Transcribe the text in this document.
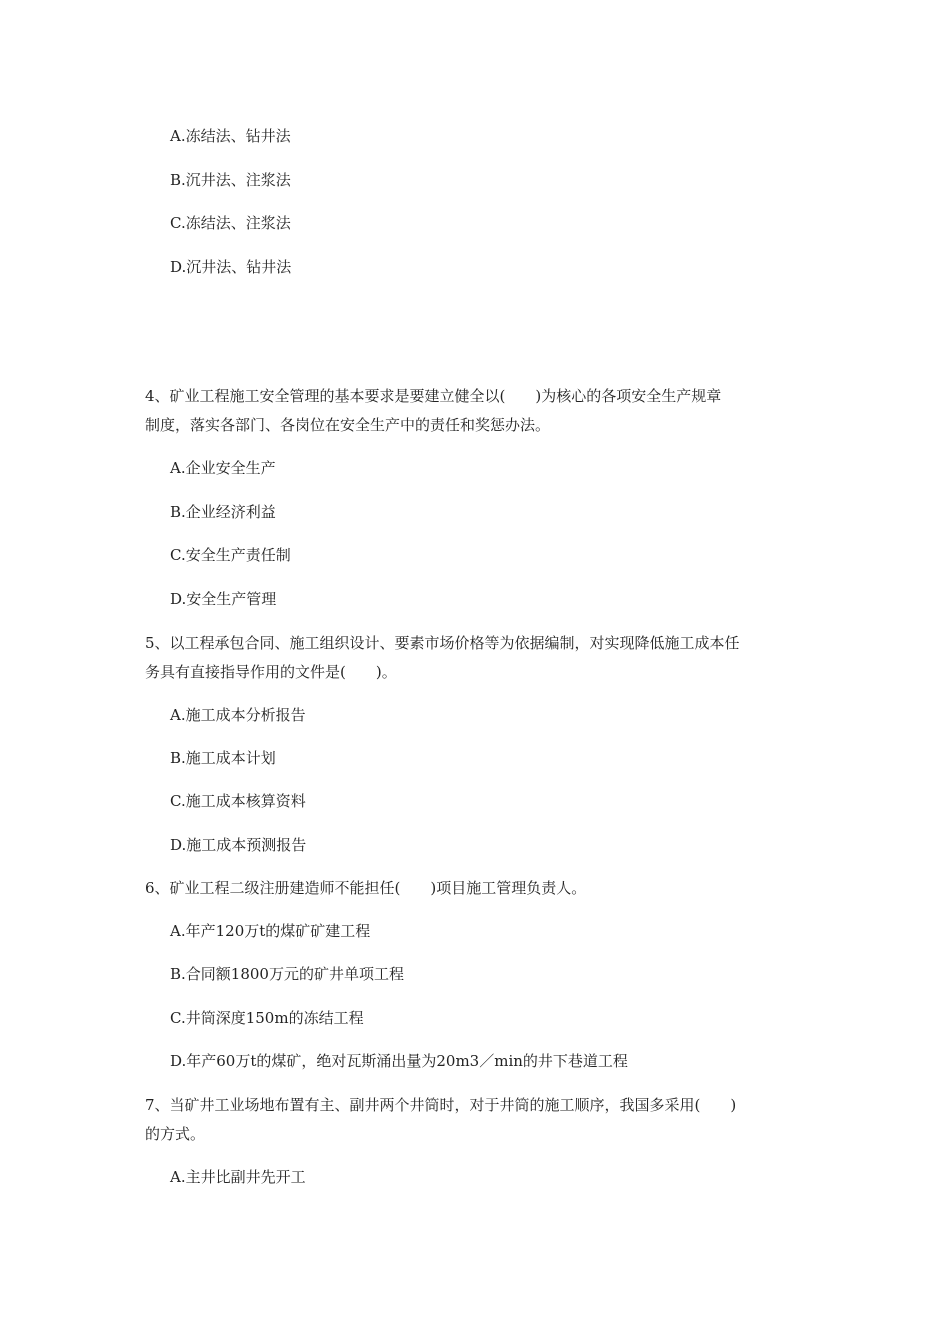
A.冻结法、钻井法
B.沉井法、注浆法
C.冻结法、注浆法
D.沉井法、钻井法
4、矿业工程施工安全管理的基本要求是要建立健全以(　　)为核心的各项安全生产规章
制度，落实各部门、各岗位在安全生产中的责任和奖惩办法。
A.企业安全生产
B.企业经济利益
C.安全生产责任制
D.安全生产管理
5、以工程承包合同、施工组织设计、要素市场价格等为依据编制，对实现降低施工成本任
务具有直接指导作用的文件是(　　)。
A.施工成本分析报告
B.施工成本计划
C.施工成本核算资料
D.施工成本预测报告
6、矿业工程二级注册建造师不能担任(　　)项目施工管理负责人。
A.年产120万t的煤矿矿建工程
B.合同额1800万元的矿井单项工程
C.井筒深度150m的冻结工程
D.年产60万t的煤矿，绝对瓦斯涌出量为20m3／min的井下巷道工程
7、当矿井工业场地布置有主、副井两个井筒时，对于井筒的施工顺序，我国多采用(　　)
的方式。
A.主井比副井先开工
